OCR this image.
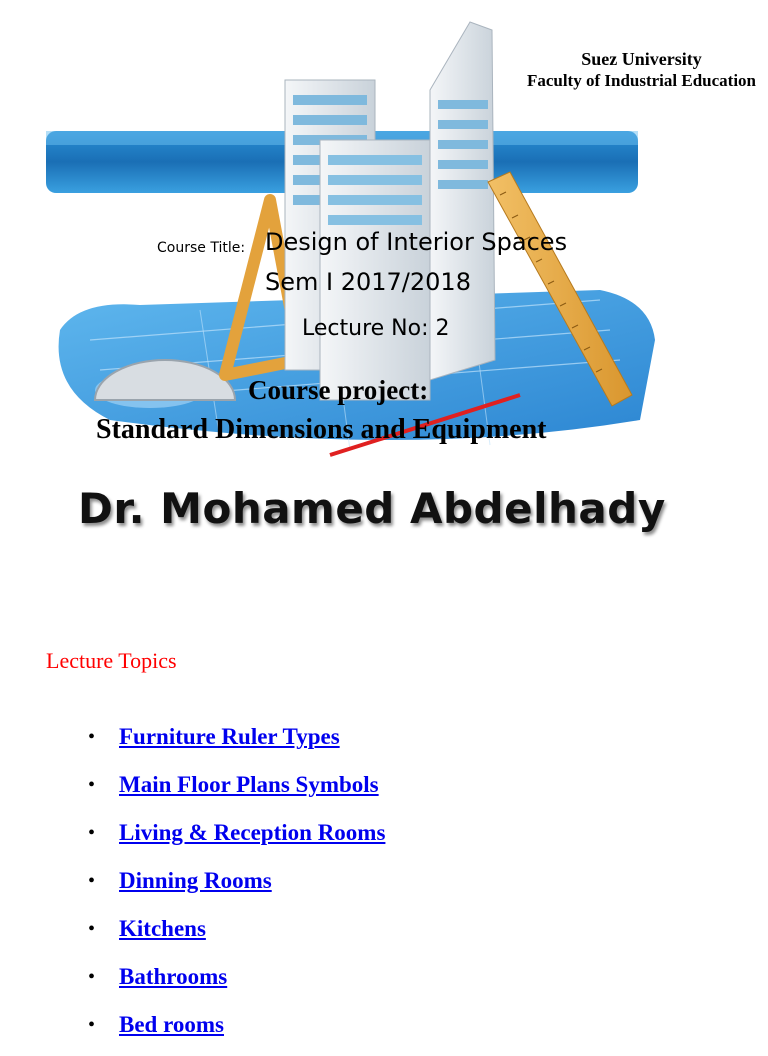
Suez University
Faculty of Industrial Education
Course Title: Design of Interior Spaces
Sem I 2017/2018
Lecture No: 2
Course project:
Standard Dimensions and Equipment
Dr. Mohamed Abdelhady
Lecture Topics
• Furniture Ruler Types
• Main Floor Plans Symbols
• Living & Reception Rooms
• Dinning Rooms
• Kitchens
• Bathrooms
• Bed rooms
